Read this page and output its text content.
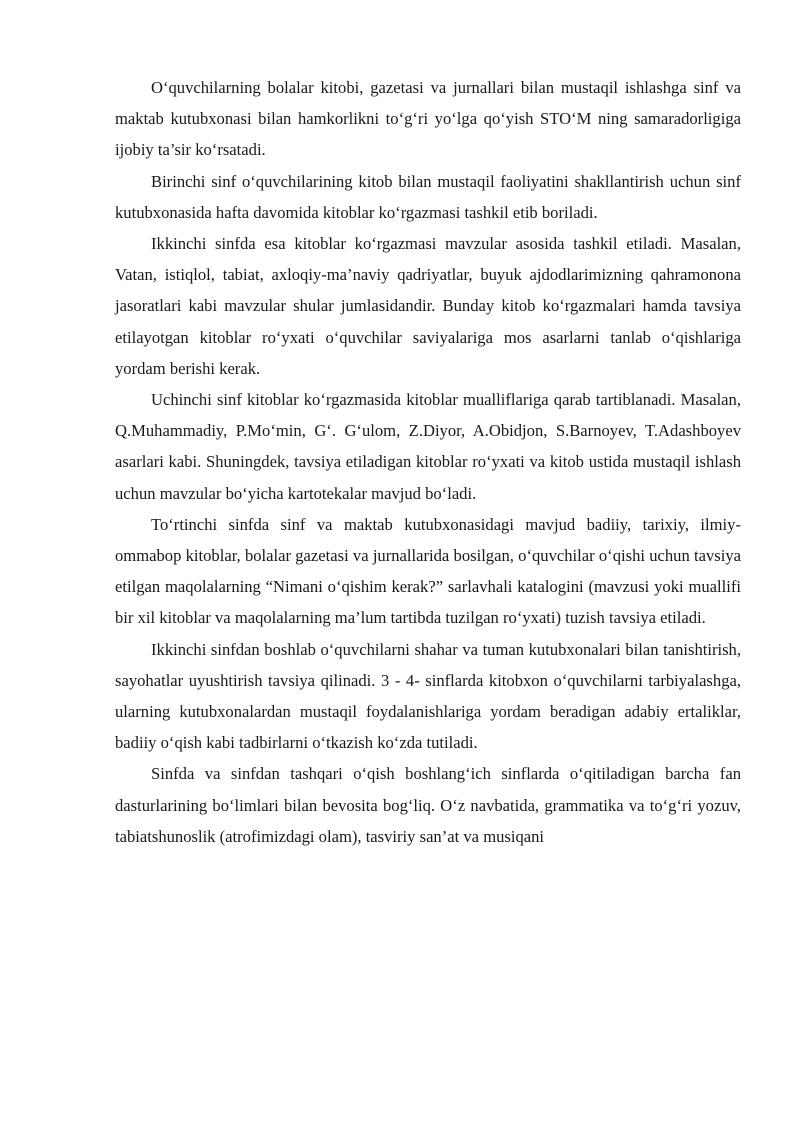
O‘quvchilarning bolalar kitobi, gazetasi va jurnallari bilan mustaqil ishlashga sinf va maktab kutubxonasi bilan hamkorlikni to‘g‘ri yo‘lga qo‘yish STO‘M ning samaradorligiga ijobiy ta’sir ko‘rsatadi.

Birinchi sinf o‘quvchilarining kitob bilan mustaqil faoliyatini shakllantirish uchun sinf kutubxonasida hafta davomida kitoblar ko‘rgazmasi tashkil etib boriladi.

Ikkinchi sinfda esa kitoblar ko‘rgazmasi mavzular asosida tashkil etiladi. Masalan, Vatan, istiqlol, tabiat, axloqiy-ma’naviy qadriyatlar, buyuk ajdodlarimizning qahramonona jasoratlari kabi mavzular shular jumlasidandir. Bunday kitob ko‘rgazmalari hamda tavsiya etilayotgan kitoblar ro‘yxati o‘quvchilar saviyalariga mos asarlarni tanlab o‘qishlariga yordam berishi kerak.

Uchinchi sinf kitoblar ko‘rgazmasida kitoblar mualliflariga qarab tartiblanadi. Masalan, Q.Muhammadiy, P.Mo‘min, G‘. G‘ulom, Z.Diyor, A.Obidjon, S.Barnoyev, T.Adashboyev asarlari kabi. Shuningdek, tavsiya etiladigan kitoblar ro‘yxati va kitob ustida mustaqil ishlash uchun mavzular bo‘yicha kartotekalar mavjud bo‘ladi.

To‘rtinchi sinfda sinf va maktab kutubxonasidagi mavjud badiiy, tarixiy, ilmiy-ommabop kitoblar, bolalar gazetasi va jurnallarida bosilgan, o‘quvchilar o‘qishi uchun tavsiya etilgan maqolalarning “Nimani o‘qishim kerak?” sarlavhali katalogini (mavzusi yoki muallifi bir xil kitoblar va maqolalarning ma’lum tartibda tuzilgan ro‘yxati) tuzish tavsiya etiladi.

Ikkinchi sinfdan boshlab o‘quvchilarni shahar va tuman kutubxonalari bilan tanishtirish, sayohatlar uyushtirish tavsiya qilinadi. 3 - 4- sinflarda kitobxon o‘quvchilarni tarbiyalashga, ularning kutubxonalardan mustaqil foydalanishlariga yordam beradigan adabiy ertaliklar, badiiy o‘qish kabi tadbirlarni o‘tkazish ko‘zda tutiladi.

Sinfda va sinfdan tashqari o‘qish boshlang‘ich sinflarda o‘qitiladigan barcha fan dasturlarining bo‘limlari bilan bevosita bog‘liq. O‘z navbatida, grammatika va to‘g‘ri yozuv, tabiatshunoslik (atrofimizdagi olam), tasviriy san’at va musiqani
